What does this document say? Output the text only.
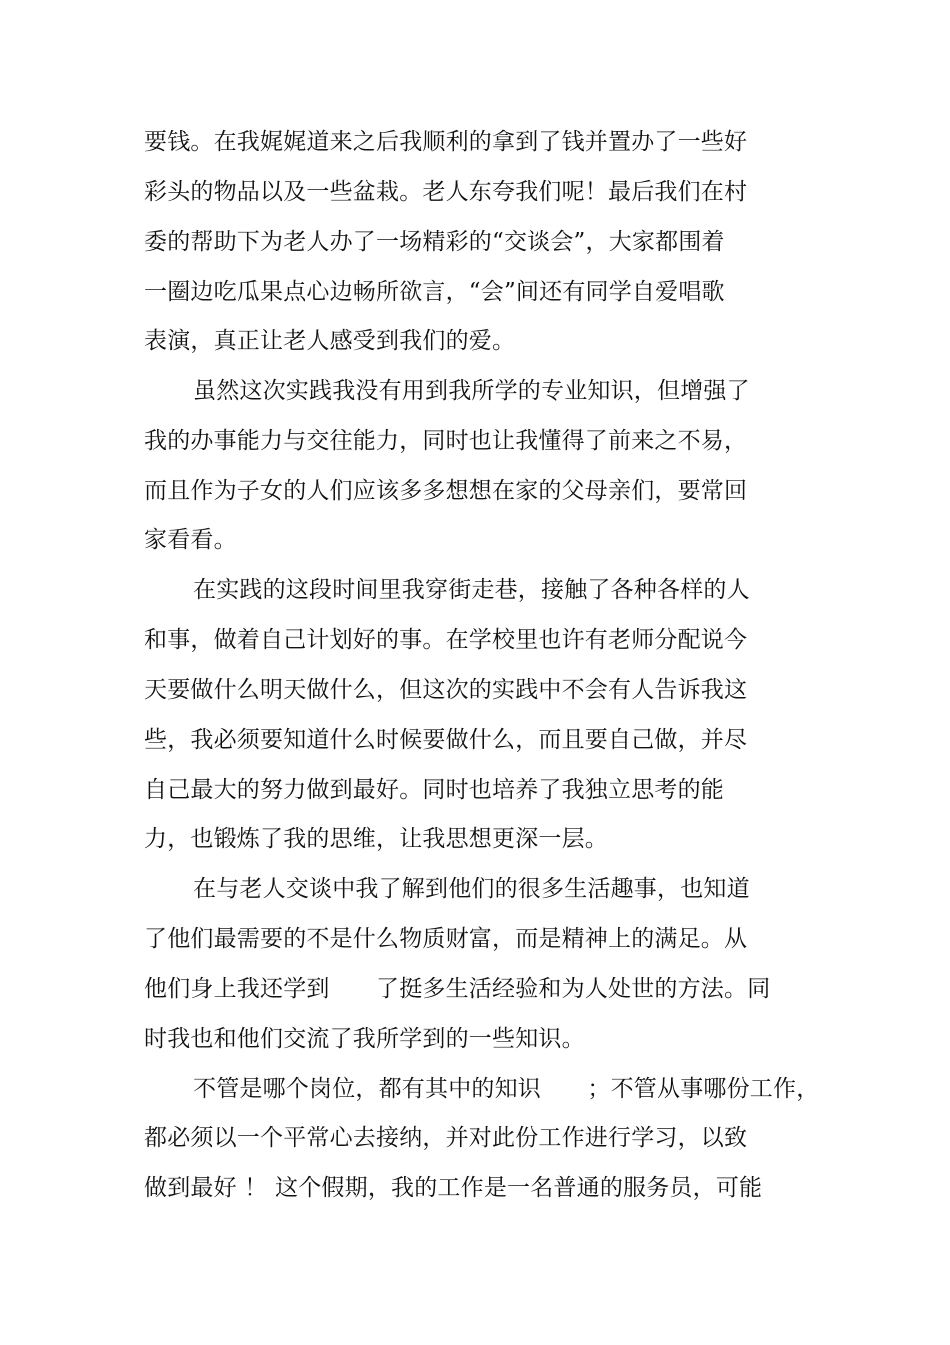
要钱。在我娓娓道来之后我顺利的拿到了钱并置办了一些好
彩头的物品以及一些盆栽。老人东夸我们呢！最后我们在村
委的帮助下为老人办了一场精彩的“交谈会”，大家都围着
一圈边吃瓜果点心边畅所欲言，“会”间还有同学自爱唱歌
表演，真正让老人感受到我们的爱。
虽然这次实践我没有用到我所学的专业知识，但增强了
我的办事能力与交往能力，同时也让我懂得了前来之不易，
而且作为子女的人们应该多多想想在家的父母亲们，要常回
家看看。
在实践的这段时间里我穿街走巷，接触了各种各样的人
和事，做着自己计划好的事。在学校里也许有老师分配说今
天要做什么明天做什么，但这次的实践中不会有人告诉我这
些，我必须要知道什么时候要做什么，而且要自己做，并尽
自己最大的努力做到最好。同时也培养了我独立思考的能
力，也锻炼了我的思维，让我思想更深一层。
在与老人交谈中我了解到他们的很多生活趣事，也知道
了他们最需要的不是什么物质财富，而是精神上的满足。从
他们身上我还学到　　了挺多生活经验和为人处世的方法。同
时我也和他们交流了我所学到的一些知识。
不管是哪个岗位，都有其中的知识　　；不管从事哪份工作，
都必须以一个平常心去接纳，并对此份工作进行学习，以致
做到最好 ！ 这个假期，我的工作是一名普通的服务员，可能
